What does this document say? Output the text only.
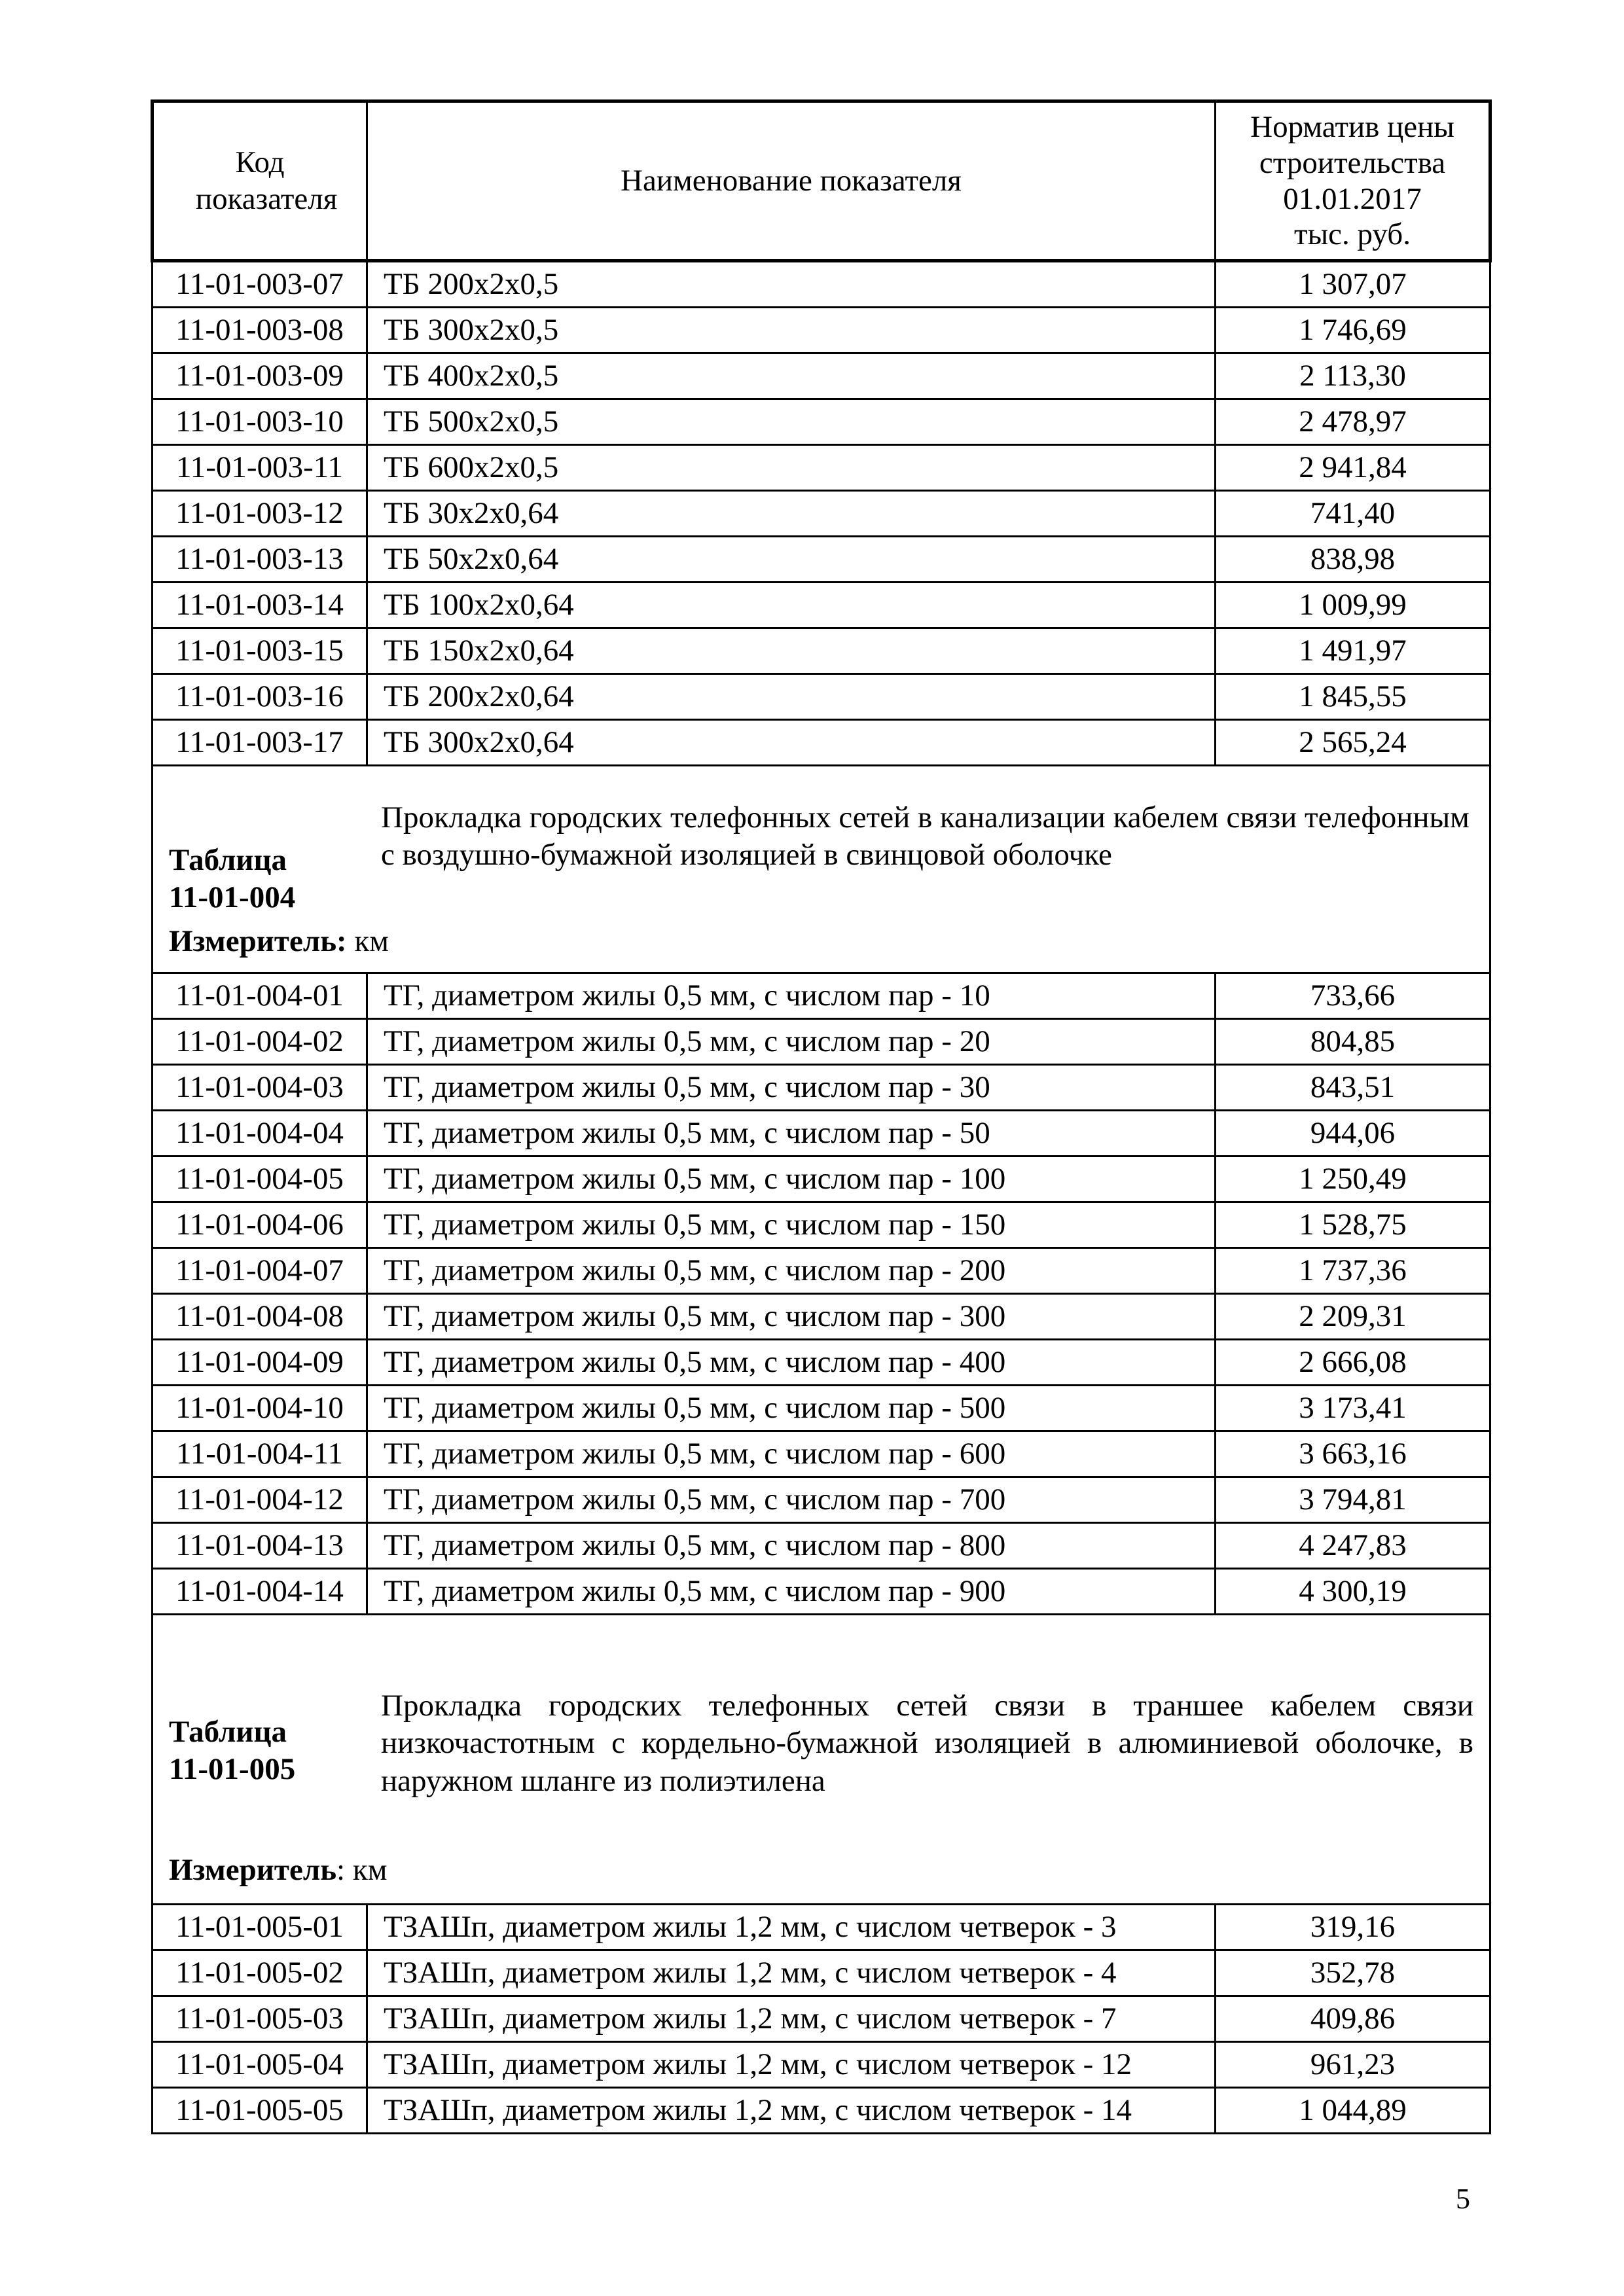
Код показателя	Наименование показателя	Норматив цены
строительства
01.01.2017
тыс. руб.

11-01-003-07	ТБ 200х2х0,5	1 307,07
11-01-003-08	ТБ 300х2х0,5	1 746,69
11-01-003-09	ТБ 400х2х0,5	2 113,30
11-01-003-10	ТБ 500х2х0,5	2 478,97
11-01-003-11	ТБ 600х2х0,5	2 941,84
11-01-003-12	ТБ 30х2х0,64	741,40
11-01-003-13	ТБ 50х2х0,64	838,98
11-01-003-14	ТБ 100х2х0,64	1 009,99
11-01-003-15	ТБ 150х2х0,64	1 491,97
11-01-003-16	ТБ 200х2х0,64	1 845,55
11-01-003-17	ТБ 300х2х0,64	2 565,24

Таблица
11-01-004
Прокладка городских телефонных сетей в канализации кабелем связи телефонным
с воздушно-бумажной изоляцией в свинцовой оболочке
Измеритель: км		

11-01-004-01	ТГ, диаметром жилы 0,5 мм, с числом пар - 10	733,66
11-01-004-02	ТГ, диаметром жилы 0,5 мм, с числом пар - 20	804,85
11-01-004-03	ТГ, диаметром жилы 0,5 мм, с числом пар - 30	843,51
11-01-004-04	ТГ, диаметром жилы 0,5 мм, с числом пар - 50	944,06
11-01-004-05	ТГ, диаметром жилы 0,5 мм, с числом пар - 100	1 250,49
11-01-004-06	ТГ, диаметром жилы 0,5 мм, с числом пар - 150	1 528,75
11-01-004-07	ТГ, диаметром жилы 0,5 мм, с числом пар - 200	1 737,36
11-01-004-08	ТГ, диаметром жилы 0,5 мм, с числом пар - 300	2 209,31
11-01-004-09	ТГ, диаметром жилы 0,5 мм, с числом пар - 400	2 666,08
11-01-004-10	ТГ, диаметром жилы 0,5 мм, с числом пар - 500	3 173,41
11-01-004-11	ТГ, диаметром жилы 0,5 мм, с числом пар - 600	3 663,16
11-01-004-12	ТГ, диаметром жилы 0,5 мм, с числом пар - 700	3 794,81
11-01-004-13	ТГ, диаметром жилы 0,5 мм, с числом пар - 800	4 247,83
11-01-004-14	ТГ, диаметром жилы 0,5 мм, с числом пар - 900	4 300,19

Таблица
11-01-005
Прокладка городских телефонных сетей связи в траншее кабелем связи низкочастотным с кордельно-бумажной изоляцией в алюминиевой оболочке, в наружном шланге из полиэтилена
Измеритель: км		

11-01-005-01	ТЗАШп, диаметром жилы 1,2 мм, с числом четверок - 3	319,16
11-01-005-02	ТЗАШп, диаметром жилы 1,2 мм, с числом четверок - 4	352,78
11-01-005-03	ТЗАШп, диаметром жилы 1,2 мм, с числом четверок - 7	409,86
11-01-005-04	ТЗАШп, диаметром жилы 1,2 мм, с числом четверок - 12	961,23
11-01-005-05	ТЗАШп, диаметром жилы 1,2 мм, с числом четверок - 14	1 044,89
5
